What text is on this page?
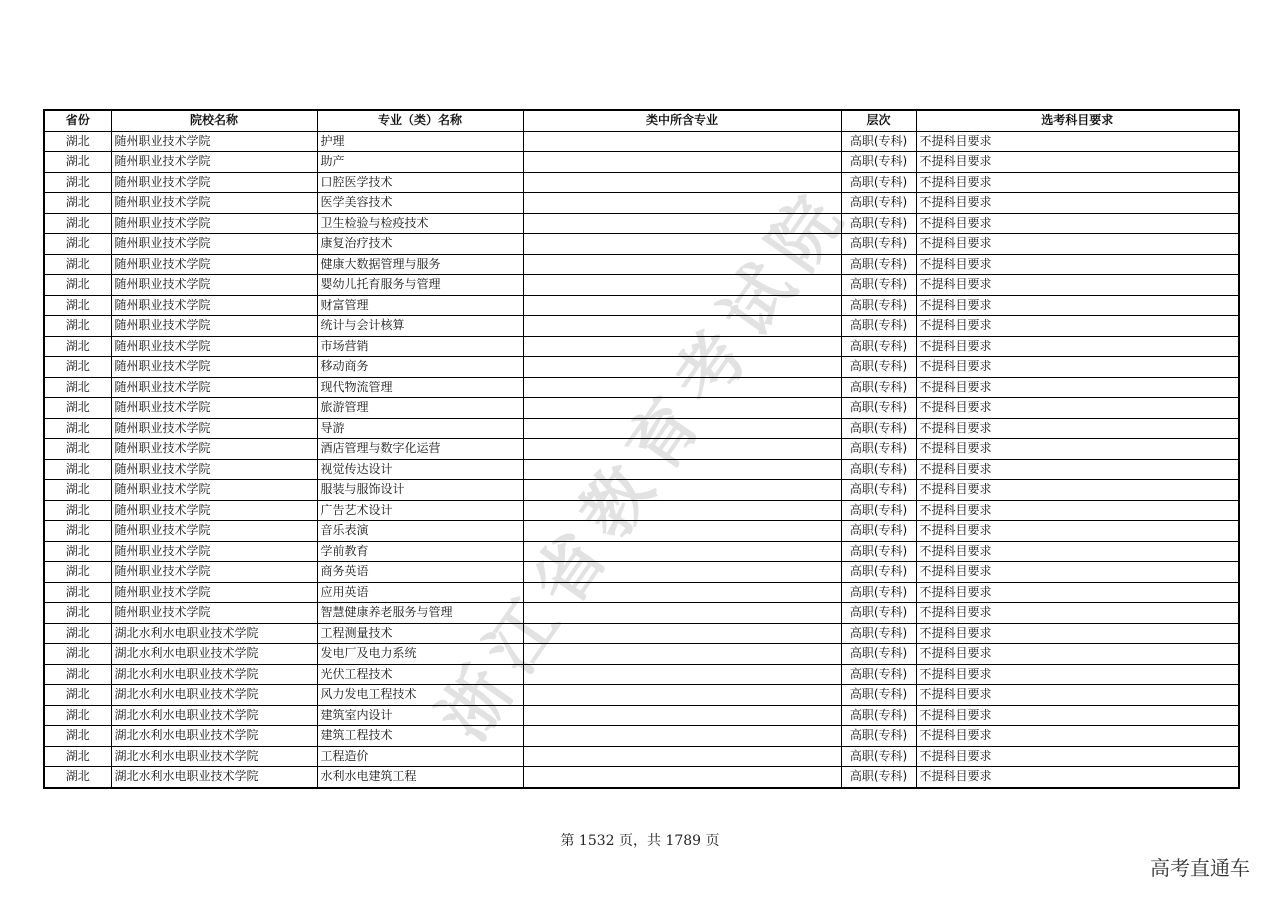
浙江省教育考试院
省份	院校名称	专业（类）名称	类中所含专业	层次	选考科目要求
湖北	随州职业技术学院	护理		高职(专科)	不提科目要求
湖北	随州职业技术学院	助产		高职(专科)	不提科目要求
湖北	随州职业技术学院	口腔医学技术		高职(专科)	不提科目要求
湖北	随州职业技术学院	医学美容技术		高职(专科)	不提科目要求
湖北	随州职业技术学院	卫生检验与检疫技术		高职(专科)	不提科目要求
湖北	随州职业技术学院	康复治疗技术		高职(专科)	不提科目要求
湖北	随州职业技术学院	健康大数据管理与服务		高职(专科)	不提科目要求
湖北	随州职业技术学院	婴幼儿托育服务与管理		高职(专科)	不提科目要求
湖北	随州职业技术学院	财富管理		高职(专科)	不提科目要求
湖北	随州职业技术学院	统计与会计核算		高职(专科)	不提科目要求
湖北	随州职业技术学院	市场营销		高职(专科)	不提科目要求
湖北	随州职业技术学院	移动商务		高职(专科)	不提科目要求
湖北	随州职业技术学院	现代物流管理		高职(专科)	不提科目要求
湖北	随州职业技术学院	旅游管理		高职(专科)	不提科目要求
湖北	随州职业技术学院	导游		高职(专科)	不提科目要求
湖北	随州职业技术学院	酒店管理与数字化运营		高职(专科)	不提科目要求
湖北	随州职业技术学院	视觉传达设计		高职(专科)	不提科目要求
湖北	随州职业技术学院	服装与服饰设计		高职(专科)	不提科目要求
湖北	随州职业技术学院	广告艺术设计		高职(专科)	不提科目要求
湖北	随州职业技术学院	音乐表演		高职(专科)	不提科目要求
湖北	随州职业技术学院	学前教育		高职(专科)	不提科目要求
湖北	随州职业技术学院	商务英语		高职(专科)	不提科目要求
湖北	随州职业技术学院	应用英语		高职(专科)	不提科目要求
湖北	随州职业技术学院	智慧健康养老服务与管理		高职(专科)	不提科目要求
湖北	湖北水利水电职业技术学院	工程测量技术		高职(专科)	不提科目要求
湖北	湖北水利水电职业技术学院	发电厂及电力系统		高职(专科)	不提科目要求
湖北	湖北水利水电职业技术学院	光伏工程技术		高职(专科)	不提科目要求
湖北	湖北水利水电职业技术学院	风力发电工程技术		高职(专科)	不提科目要求
湖北	湖北水利水电职业技术学院	建筑室内设计		高职(专科)	不提科目要求
湖北	湖北水利水电职业技术学院	建筑工程技术		高职(专科)	不提科目要求
湖北	湖北水利水电职业技术学院	工程造价		高职(专科)	不提科目要求
湖北	湖北水利水电职业技术学院	水利水电建筑工程		高职(专科)	不提科目要求
第 1532 页，共 1789 页
高考直通车
